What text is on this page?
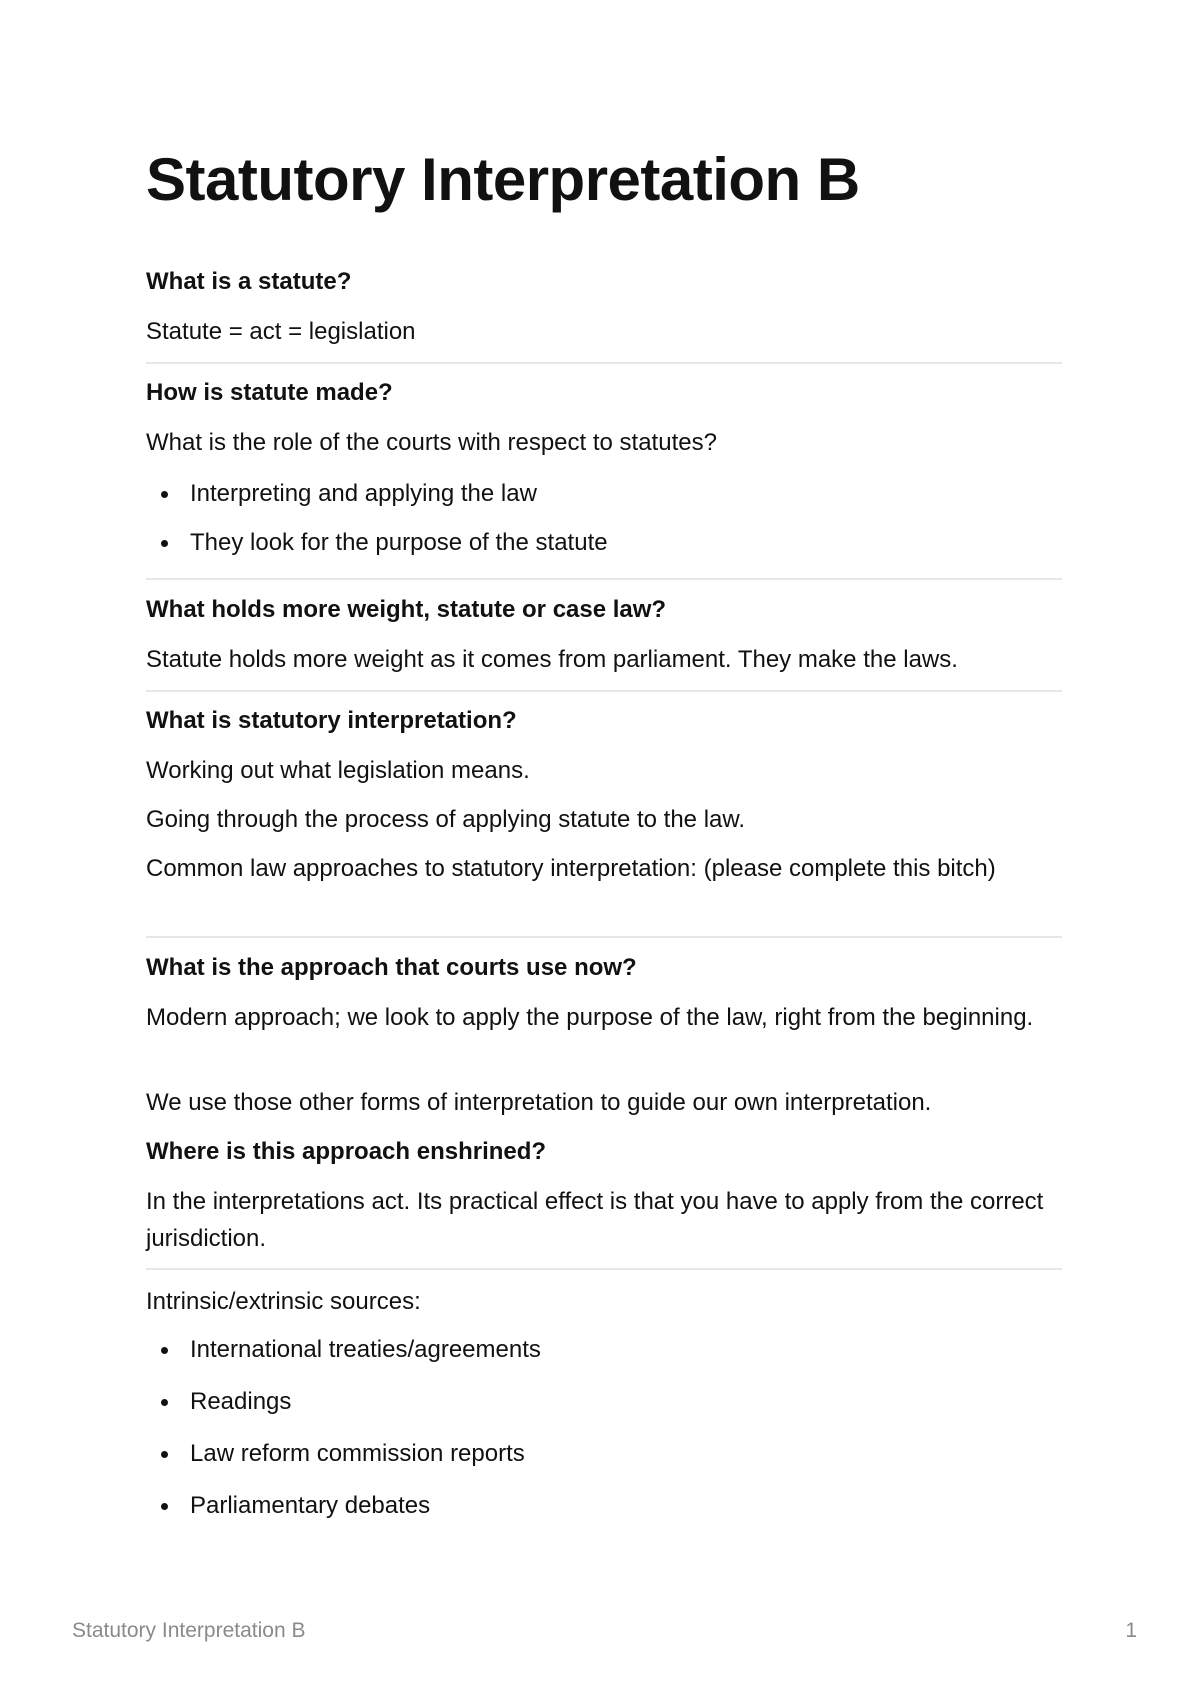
Statutory Interpretation B

What is a statute?

Statute = act = legislation

How is statute made?

What is the role of the courts with respect to statutes?

Interpreting and applying the law
They look for the purpose of the statute

What holds more weight, statute or case law?

Statute holds more weight as it comes from parliament. They make the laws.

What is statutory interpretation?

Working out what legislation means.

Going through the process of applying statute to the law.

Common law approaches to statutory interpretation: (please complete this bitch)

What is the approach that courts use now?

Modern approach; we look to apply the purpose of the law, right from the beginning.

We use those other forms of interpretation to guide our own interpretation.

Where is this approach enshrined?

In the interpretations act. Its practical effect is that you have to apply from the correct jurisdiction.

Intrinsic/extrinsic sources:

International treaties/agreements
Readings
Law reform commission reports
Parliamentary debates
Statutory Interpretation B	1
